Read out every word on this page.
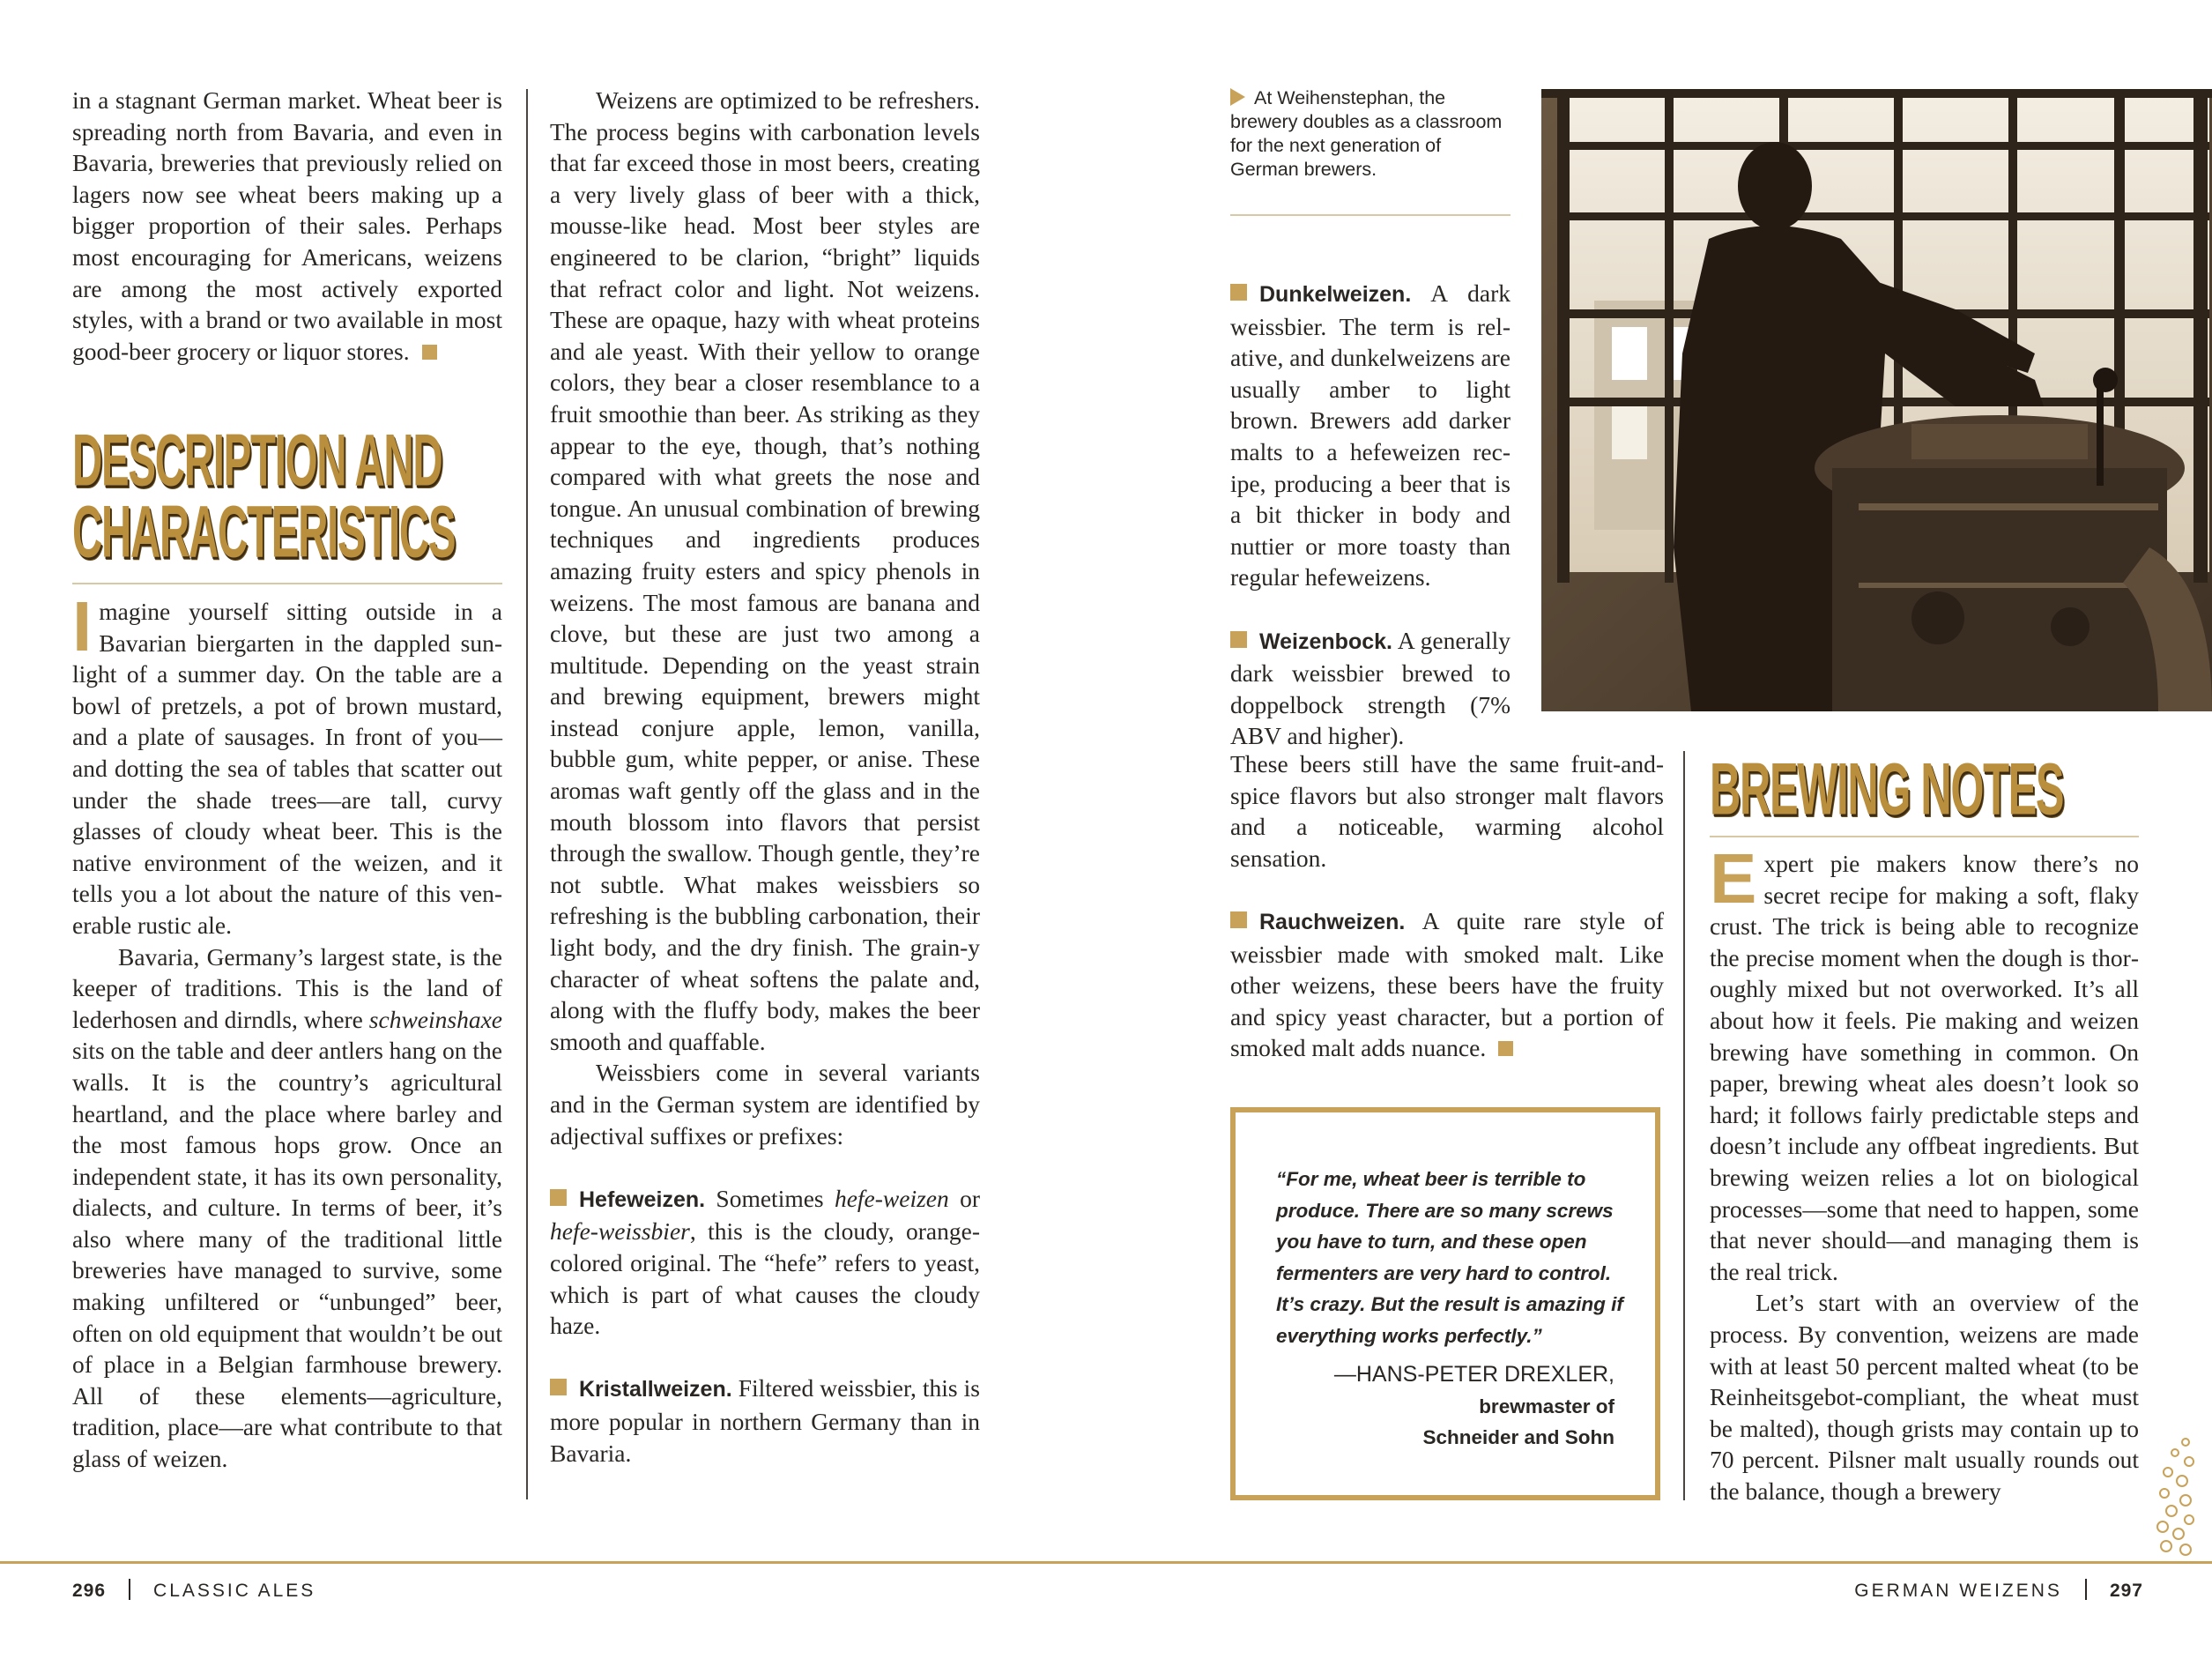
in a stagnant German market. Wheat beer is spreading north from Bavaria, and even in Bavaria, breweries that previously relied on lagers now see wheat beers making up a bigger proportion of their sales. Perhaps most encouraging for Americans, weizens are among the most actively exported styles, with a brand or two available in most good-beer grocery or liquor stores.

DESCRIPTION AND
CHARACTERISTICS

Imagine yourself sitting outside in a Bavarian biergarten in the dappled sunlight of a summer day. On the table are a bowl of pretzels, a pot of brown mustard, and a plate of sausages. In front of you—and dotting the sea of tables that scatter out under the shade trees—are tall, curvy glasses of cloudy wheat beer. This is the native environment of the weizen, and it tells you a lot about the nature of this venerable rustic ale.

Bavaria, Germany’s largest state, is the keeper of traditions. This is the land of lederhosen and dirndls, where schweinshaxe sits on the table and deer antlers hang on the walls. It is the country’s agricultural heartland, and the place where barley and the most famous hops grow. Once an independent state, it has its own personality, dialects, and culture. In terms of beer, it’s also where many of the traditional little breweries have managed to survive, some making unfiltered or “unbunged” beer, often on old equipment that wouldn’t be out of place in a Belgian farmhouse brewery. All of these elements—agriculture, tradition, place—are what contribute to that glass of weizen.

Weizens are optimized to be refreshers. The process begins with carbonation levels that far exceed those in most beers, creating a very lively glass of beer with a thick, mousse-like head. Most beer styles are engineered to be clarion, “bright” liquids that refract color and light. Not weizens. These are opaque, hazy with wheat proteins and ale yeast. With their yellow to orange colors, they bear a closer resemblance to a fruit smoothie than beer. As striking as they appear to the eye, though, that’s nothing compared with what greets the nose and tongue. An unusual combination of brewing techniques and ingredients produces amazing fruity esters and spicy phenols in weizens. The most famous are banana and clove, but these are just two among a multitude. Depending on the yeast strain and brewing equipment, brewers might instead conjure apple, lemon, vanilla, bubble gum, white pepper, or anise. These aromas waft gently off the glass and in the mouth blossom into flavors that persist through the swallow. Though gentle, they’re not subtle. What makes weissbiers so refreshing is the bubbling carbonation, their light body, and the dry finish. The grain-y character of wheat softens the palate and, along with the fluffy body, makes the beer smooth and quaffable.

Weissbiers come in several variants and in the German system are identified by adjectival suffixes or prefixes:

Hefeweizen. Sometimes hefe-weizen or hefe-weissbier, this is the cloudy, orange-colored original. The “hefe” refers to yeast, which is part of what causes the cloudy haze.

Kristallweizen. Filtered weissbier, this is more popular in northern Germany than in Bavaria.

At Weihenstephan, the brewery doubles as a classroom for the next generation of German brewers.

Dunkelweizen. A dark weissbier. The term is relative, and dunkelweizens are usually amber to light brown. Brewers add darker malts to a hefeweizen recipe, producing a beer that is a bit thicker in body and nuttier or more toasty than regular hefeweizens.

Weizenbock. A generally dark weissbier brewed to doppelbock strength (7% ABV and higher).

These beers still have the same fruit-and-spice flavors but also stronger malt flavors and a noticeable, warming alcohol sensation.

Rauchweizen. A quite rare style of weissbier made with smoked malt. Like other weizens, these beers have the fruity and spicy yeast character, but a portion of smoked malt adds nuance.

“For me, wheat beer is terrible to produce. There are so many screws you have to turn, and these open fermenters are very hard to control. It’s crazy. But the result is amazing if everything works perfectly.”
—HANS-PETER DREXLER,
brewmaster of
Schneider and Sohn
BREWING NOTES

Expert pie makers know there’s no secret recipe for making a soft, flaky crust. The trick is being able to recognize the precise moment when the dough is thoroughly mixed but not overworked. It’s all about how it feels. Pie making and weizen brewing have something in common. On paper, brewing wheat ales doesn’t look so hard; it follows fairly predictable steps and doesn’t include any offbeat ingredients. But brewing weizen relies a lot on biological processes—some that need to happen, some that never should—and managing them is the real trick.

Let’s start with an overview of the process. By convention, weizens are made with at least 50 percent malted wheat (to be Reinheitsgebot-compliant, the wheat must be malted), though grists may contain up to 70 percent. Pilsner malt usually rounds out the balance, though a brewery

296	CLASSIC ALES	GERMAN WEIZENS	297
